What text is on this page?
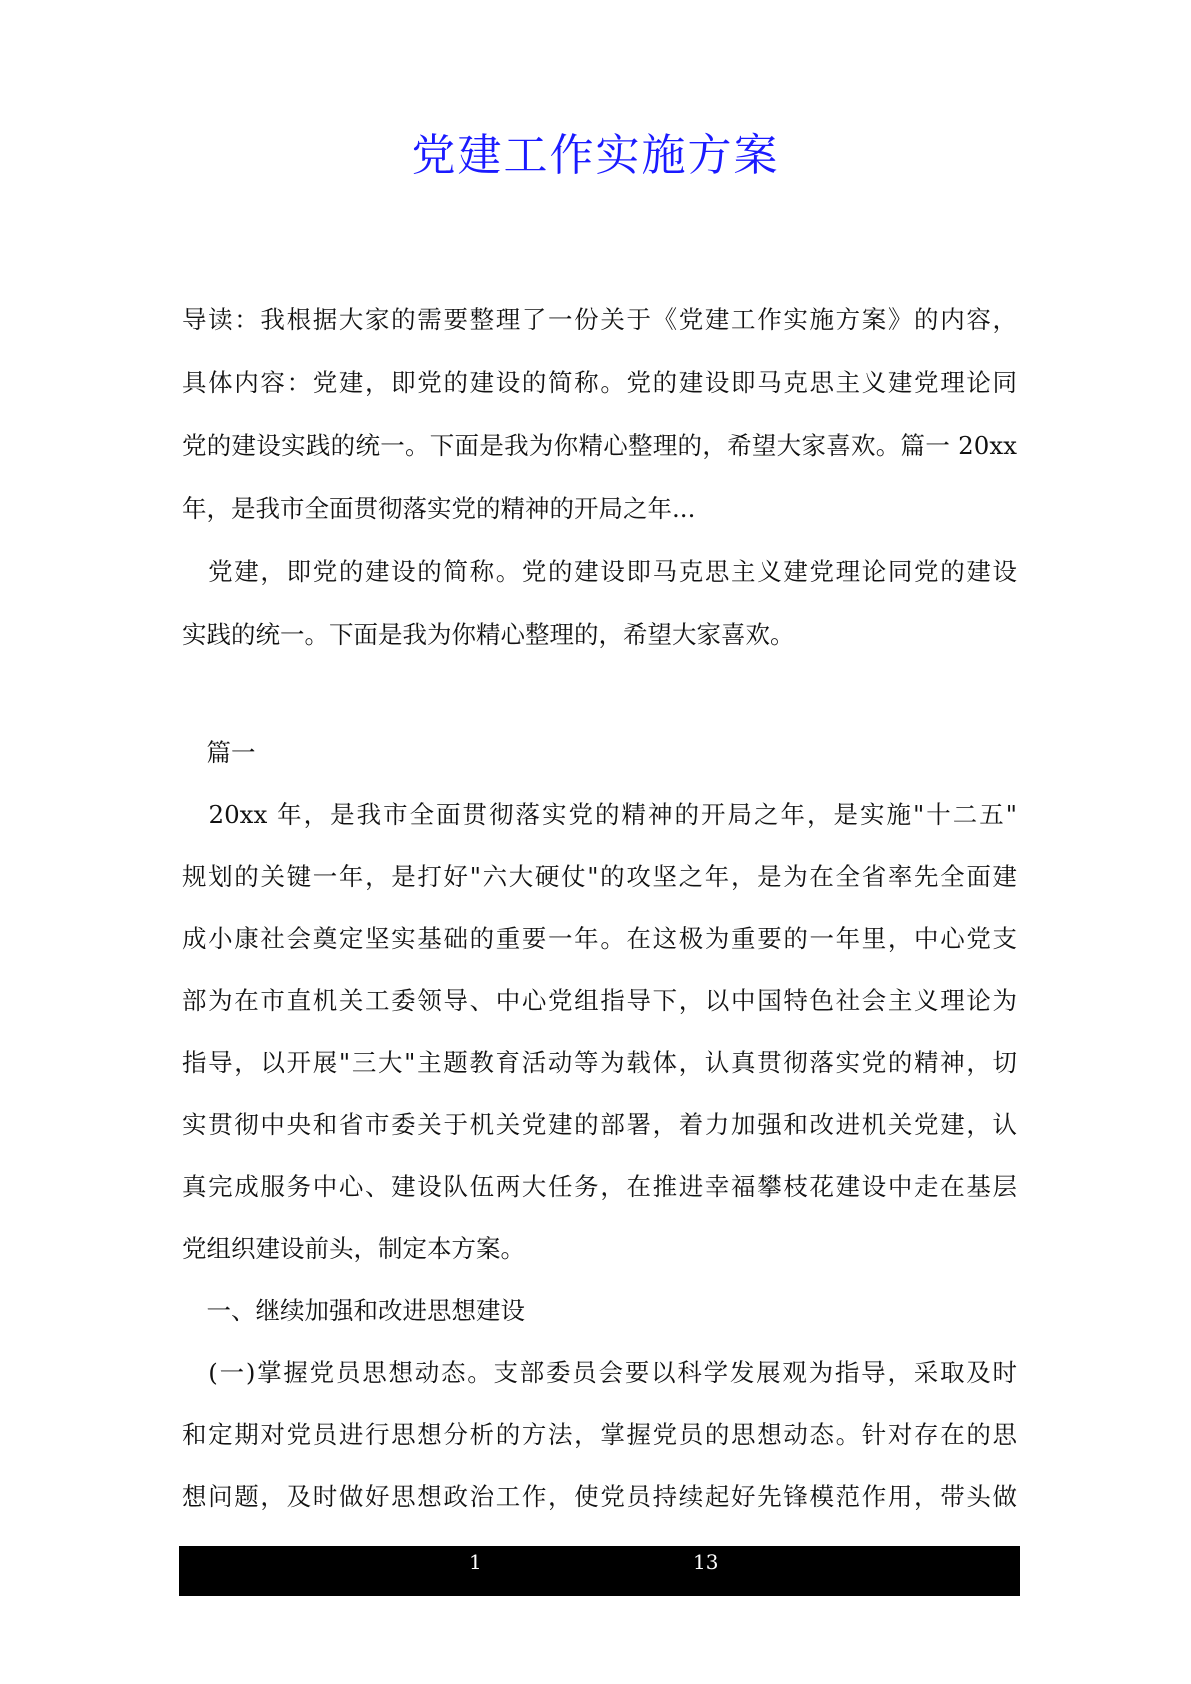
党建工作实施方案
导读：我根据大家的需要整理了一份关于《党建工作实施方案》的内容，
具体内容：党建，即党的建设的简称。党的建设即马克思主义建党理论同
党的建设实践的统一。下面是我为你精心整理的，希望大家喜欢。篇一 20xx
年，是我市全面贯彻落实党的精神的开局之年...
　党建，即党的建设的简称。党的建设即马克思主义建党理论同党的建设
实践的统一。下面是我为你精心整理的，希望大家喜欢。
　篇一
　20xx 年，是我市全面贯彻落实党的精神的开局之年，是实施"十二五"
规划的关键一年，是打好"六大硬仗"的攻坚之年，是为在全省率先全面建
成小康社会奠定坚实基础的重要一年。在这极为重要的一年里，中心党支
部为在市直机关工委领导、中心党组指导下，以中国特色社会主义理论为
指导，以开展"三大"主题教育活动等为载体，认真贯彻落实党的精神，切
实贯彻中央和省市委关于机关党建的部署，着力加强和改进机关党建，认
真完成服务中心、建设队伍两大任务，在推进幸福攀枝花建设中走在基层
党组织建设前头，制定本方案。
　一、继续加强和改进思想建设
　(一)掌握党员思想动态。支部委员会要以科学发展观为指导，采取及时
和定期对党员进行思想分析的方法，掌握党员的思想动态。针对存在的思
想问题，及时做好思想政治工作，使党员持续起好先锋模范作用，带头做
1	13
